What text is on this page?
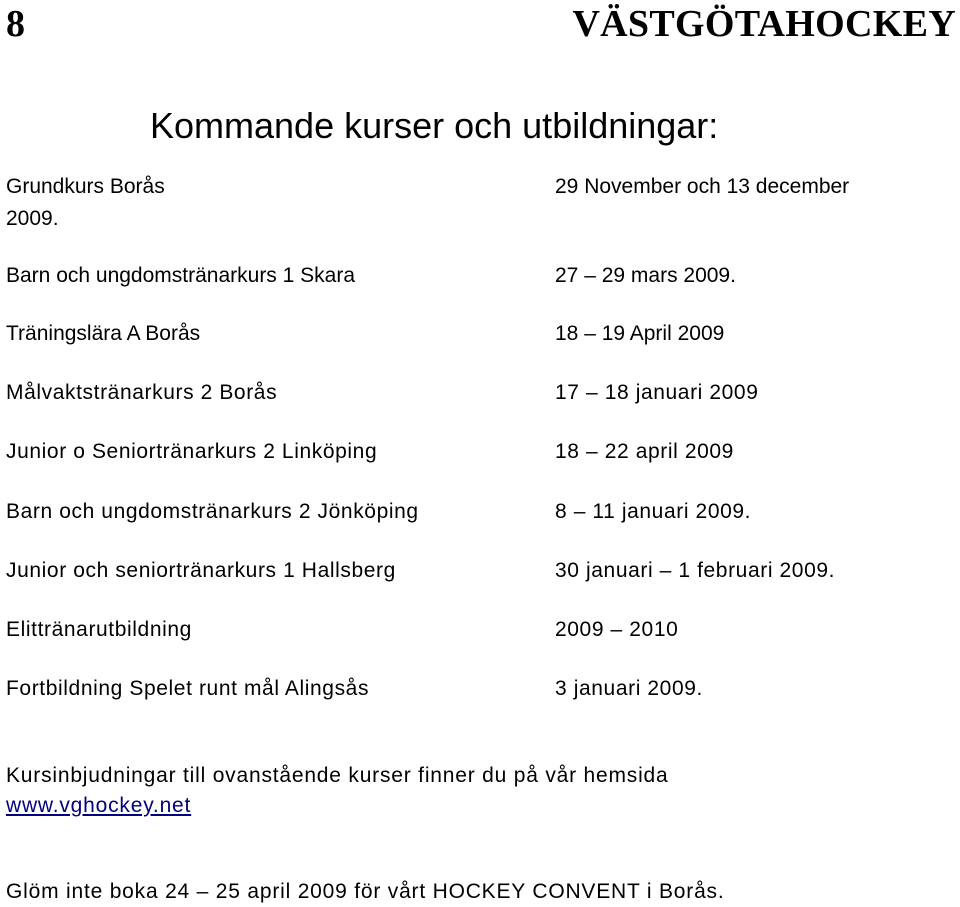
8	VÄSTGÖTAHOCKEY
Kommande kurser och utbildningar:
Grundkurs Borås	29 November och 13 december
2009.
Barn och ungdomstränarkurs 1 Skara	27 – 29 mars 2009.
Träningslära A Borås	18 – 19 April 2009
Målvaktstränarkurs 2 Borås	17 – 18 januari 2009
Junior o Seniortränarkurs 2 Linköping	18 – 22 april 2009
Barn och ungdomstränarkurs 2 Jönköping	8 – 11 januari 2009.
Junior och seniortränarkurs 1 Hallsberg	30 januari – 1 februari 2009.
Elittränarutbildning	2009 – 2010
Fortbildning Spelet runt mål Alingsås	3 januari 2009.
Kursinbjudningar till ovanstående kurser finner du på vår hemsida
www.vghockey.net
Glöm inte boka 24 – 25 april 2009 för vårt HOCKEY CONVENT i Borås.
